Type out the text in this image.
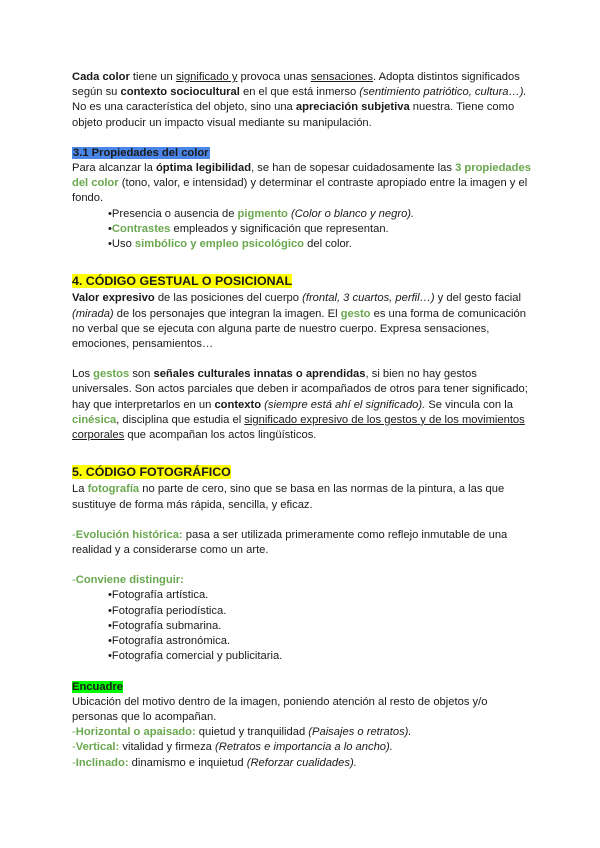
Cada color tiene un significado y provoca unas sensaciones. Adopta distintos significados según su contexto sociocultural en el que está inmerso (sentimiento patriótico, cultura…). No es una característica del objeto, sino una apreciación subjetiva nuestra. Tiene como objeto producir un impacto visual mediante su manipulación.

3.1 Propiedades del color

Para alcanzar la óptima legibilidad, se han de sopesar cuidadosamente las 3 propiedades del color (tono, valor, e intensidad) y determinar el contraste apropiado entre la imagen y el fondo.

•Presencia o ausencia de pigmento (Color o blanco y negro).

•Contrastes empleados y significación que representan.

•Uso simbólico y empleo psicológico del color.

4. CÓDIGO GESTUAL O POSICIONAL

Valor expresivo de las posiciones del cuerpo (frontal, 3 cuartos, perfil…) y del gesto facial (mirada) de los personajes que integran la imagen. El gesto es una forma de comunicación no verbal que se ejecuta con alguna parte de nuestro cuerpo. Expresa sensaciones, emociones, pensamientos…

Los gestos son señales culturales innatas o aprendidas, si bien no hay gestos universales. Son actos parciales que deben ir acompañados de otros para tener significado; hay que interpretarlos en un contexto (siempre está ahí el significado). Se vincula con la cinésica, disciplina que estudia el significado expresivo de los gestos y de los movimientos corporales que acompañan los actos lingüísticos.

5. CÓDIGO FOTOGRÁFICO

La fotografía no parte de cero, sino que se basa en las normas de la pintura, a las que sustituye de forma más rápida, sencilla, y eficaz.

-Evolución histórica: pasa a ser utilizada primeramente como reflejo inmutable de una realidad y a considerarse como un arte.

-Conviene distinguir:

•Fotografía artística.

•Fotografía periodística.

•Fotografía submarina.

•Fotografía astronómica.

•Fotografía comercial y publicitaria.

Encuadre

Ubicación del motivo dentro de la imagen, poniendo atención al resto de objetos y/o personas que lo acompañan.

-Horizontal o apaisado: quietud y tranquilidad (Paisajes o retratos).

-Vertical: vitalidad y firmeza (Retratos e importancia a lo ancho).

-Inclinado: dinamismo e inquietud (Reforzar cualidades).
